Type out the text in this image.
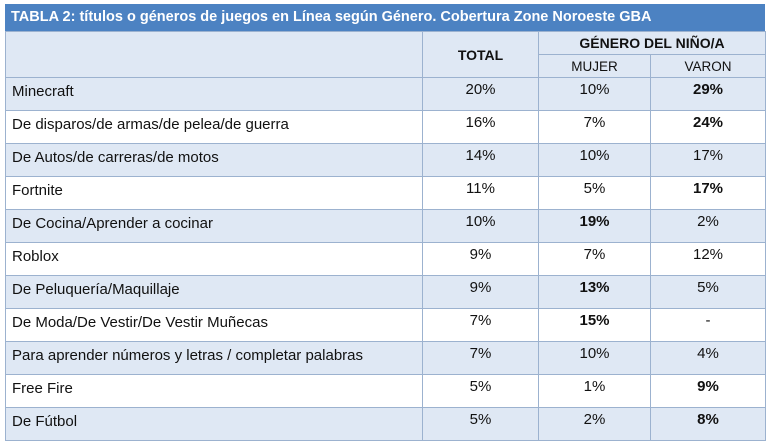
TABLA 2: títulos o géneros de juegos en Línea según Género. Cobertura Zone Noroeste GBA
	TOTAL	GÉNERO DEL NIÑO/A	
		MUJER	VARON
Minecraft	20%	10%	29%
De disparos/de armas/de pelea/de guerra	16%	7%	24%
De Autos/de carreras/de motos	14%	10%	17%
Fortnite	11%	5%	17%
De Cocina/Aprender a cocinar	10%	19%	2%
Roblox	9%	7%	12%
De Peluquería/Maquillaje	9%	13%	5%
De Moda/De Vestir/De Vestir Muñecas	7%	15%	-
Para aprender números y letras / completar palabras	7%	10%	4%
Free Fire	5%	1%	9%
De Fútbol	5%	2%	8%
